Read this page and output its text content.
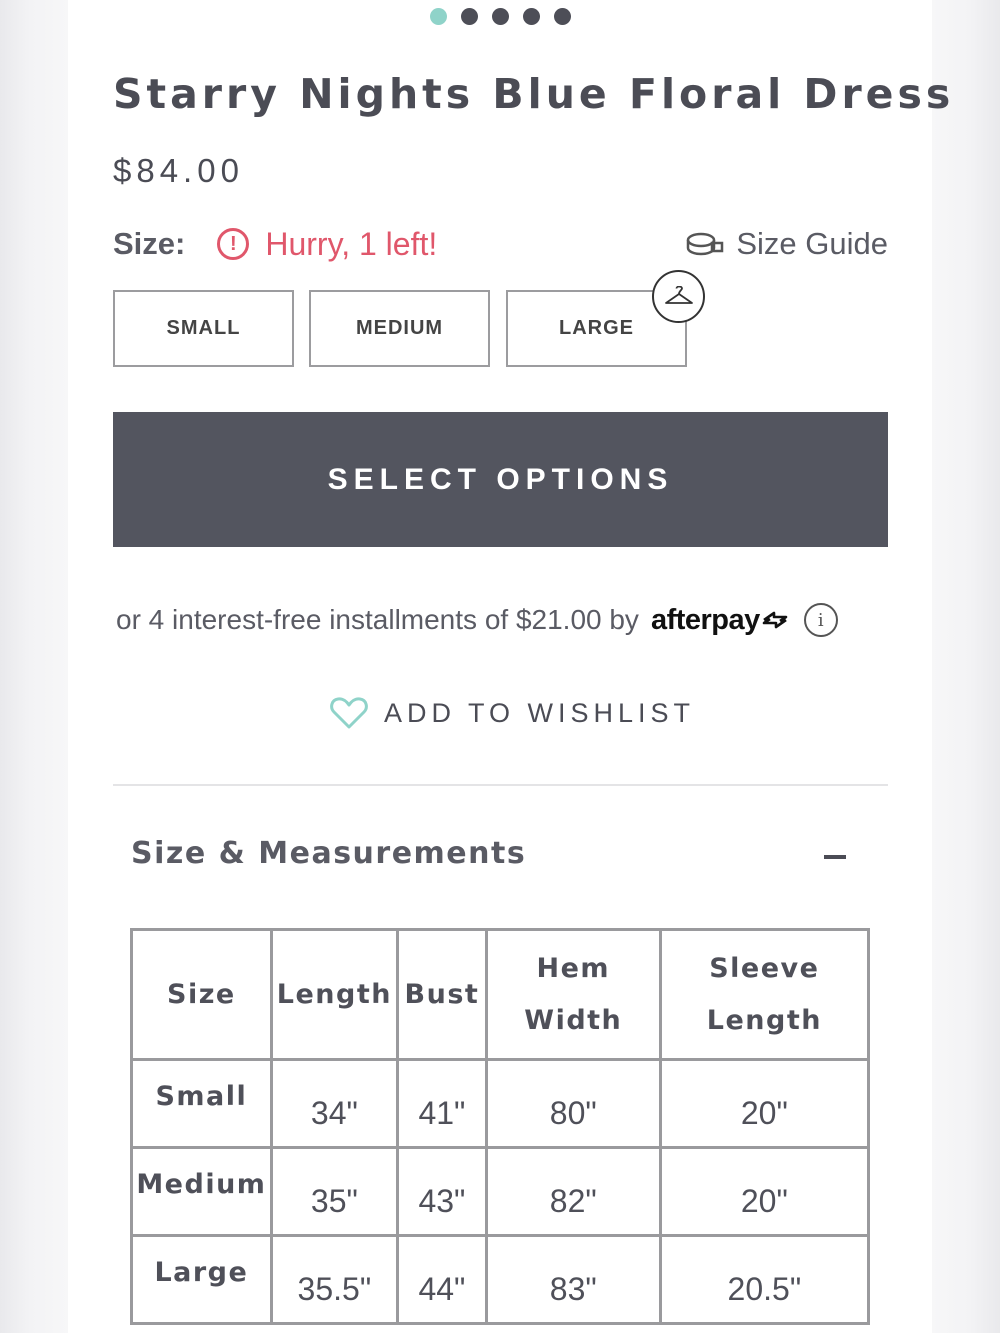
Starry Nights Blue Floral Dress
$84.00
Size:	! Hurry, 1 left!	Size Guide
SMALL	MEDIUM	LARGE
SELECT OPTIONS
or 4 interest-free installments of $21.00 by afterpay	i
ADD TO WISHLIST
Size & Measurements
Size	Length	Bust	Hem Width	Sleeve Length
Small	34"	41"	80"	20"
Medium	35"	43"	82"	20"
Large	35.5"	44"	83"	20.5"
